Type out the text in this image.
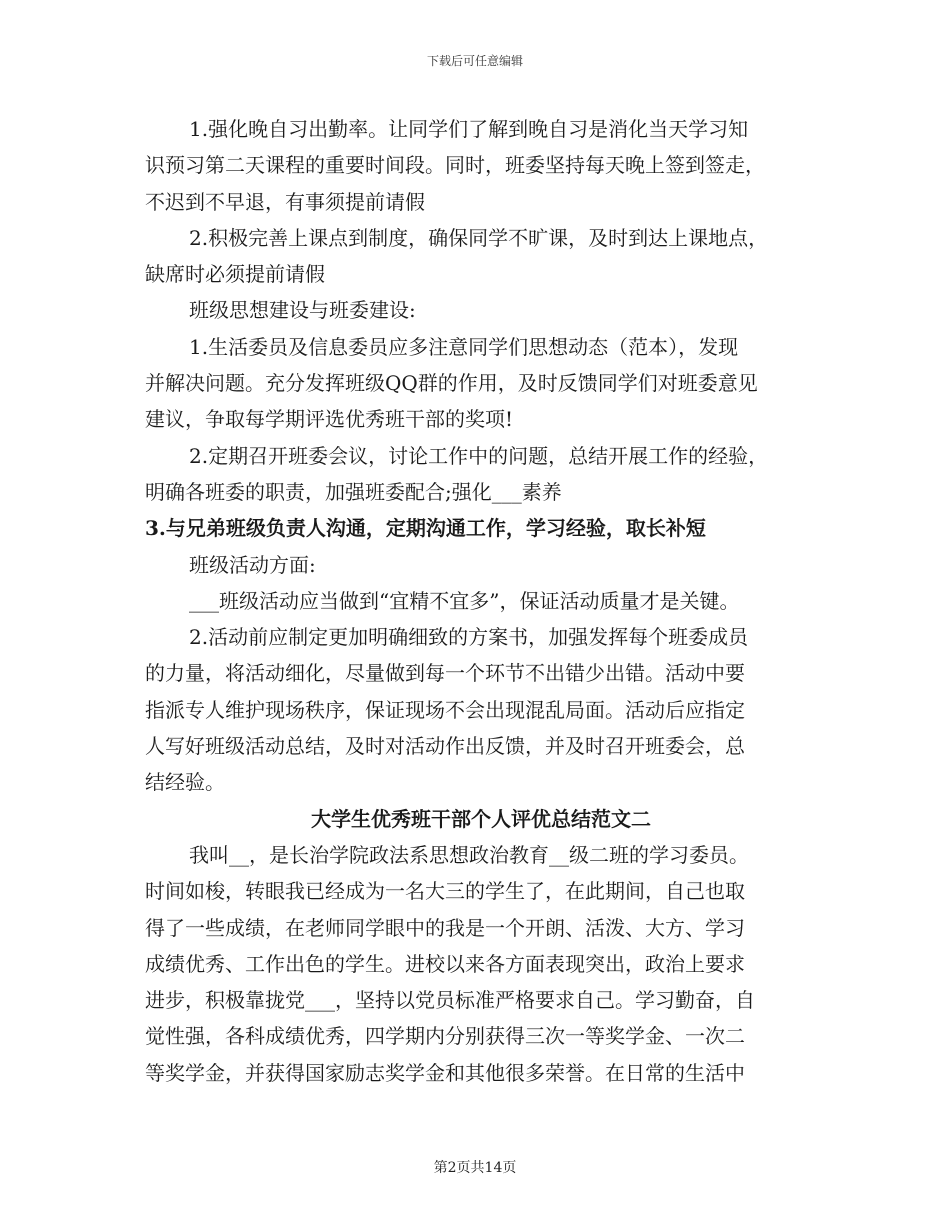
下载后可任意编辑
1.强化晚自习出勤率。让同学们了解到晚自习是消化当天学习知
识预习第二天课程的重要时间段。同时，班委坚持每天晚上签到签走，
不迟到不早退，有事须提前请假
2.积极完善上课点到制度，确保同学不旷课，及时到达上课地点，
缺席时必须提前请假
班级思想建设与班委建设:
1.生活委员及信息委员应多注意同学们思想动态（范本），发现
并解决问题。充分发挥班级QQ群的作用，及时反馈同学们对班委意见
建议，争取每学期评选优秀班干部的奖项!
2.定期召开班委会议，讨论工作中的问题，总结开展工作的经验，
明确各班委的职责，加强班委配合;强化___素养
3.与兄弟班级负责人沟通，定期沟通工作，学习经验，取长补短
班级活动方面:
___班级活动应当做到“宜精不宜多”，保证活动质量才是关键。
2.活动前应制定更加明确细致的方案书，加强发挥每个班委成员
的力量，将活动细化，尽量做到每一个环节不出错少出错。活动中要
指派专人维护现场秩序，保证现场不会出现混乱局面。活动后应指定
人写好班级活动总结，及时对活动作出反馈，并及时召开班委会，总
结经验。
大学生优秀班干部个人评优总结范文二
我叫__，是长治学院政法系思想政治教育__级二班的学习委员。
时间如梭，转眼我已经成为一名大三的学生了，在此期间，自己也取
得了一些成绩，在老师同学眼中的我是一个开朗、活泼、大方、学习
成绩优秀、工作出色的学生。进校以来各方面表现突出，政治上要求
进步，积极靠拢党___，坚持以党员标准严格要求自己。学习勤奋，自
觉性强，各科成绩优秀，四学期内分别获得三次一等奖学金、一次二
等奖学金，并获得国家励志奖学金和其他很多荣誉。在日常的生活中
第2页共14页
